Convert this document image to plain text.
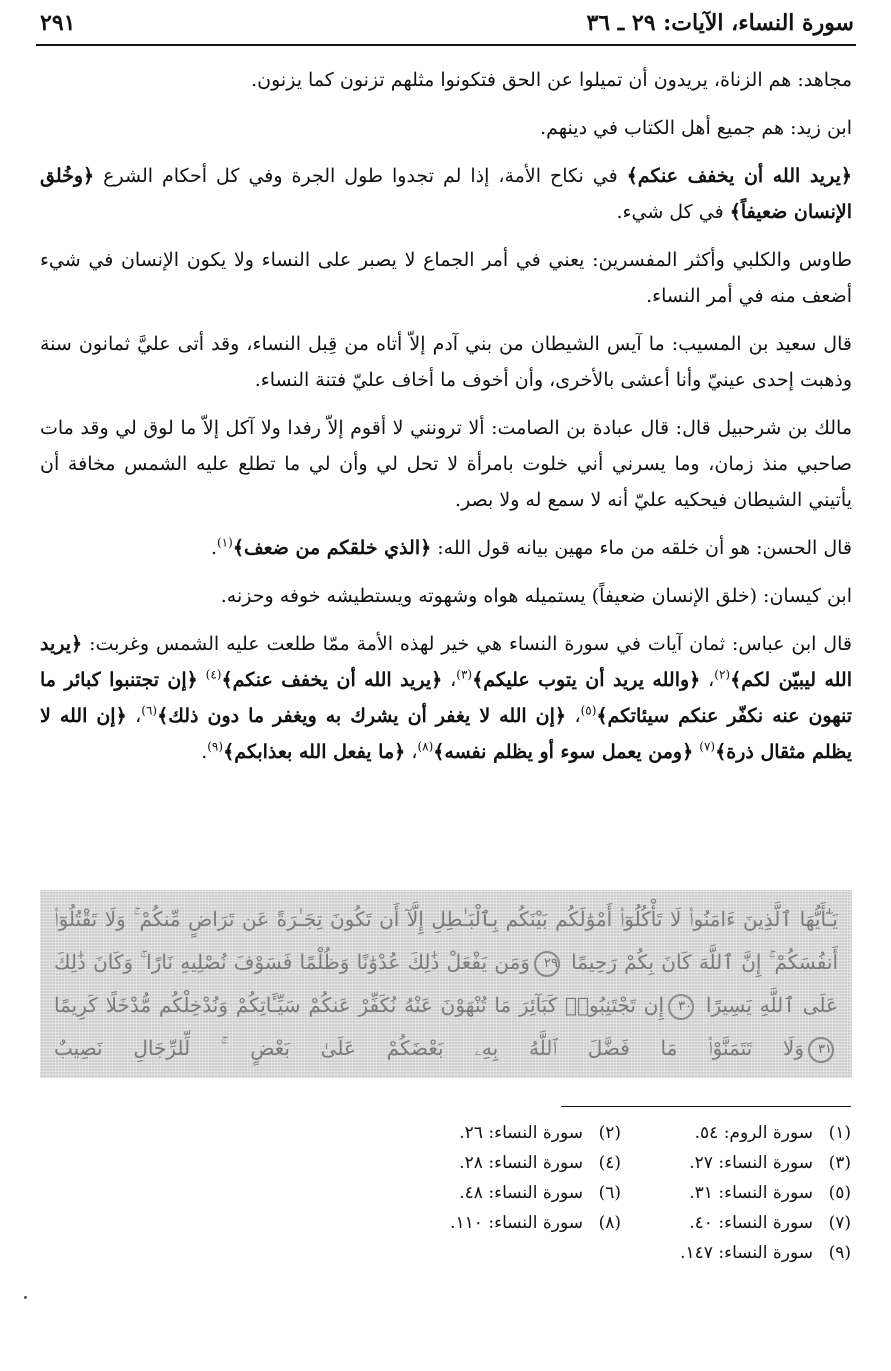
سورة النساء، الآيات: ٢٩ ـ ٣٦
٢٩١

مجاهد: هم الزناة، يريدون أن تميلوا عن الحق فتكونوا مثلهم تزنون كما يزنون.

ابن زيد: هم جميع أهل الكتاب في دينهم.

﴿يريد الله أن يخفف عنكم﴾ في نكاح الأمة، إذا لم تجدوا طول الجرة وفي كل أحكام الشرع ﴿وخُلق الإنسان ضعيفاً﴾ في كل شيء.

طاوس والكلبي وأكثر المفسرين: يعني في أمر الجماع لا يصبر على النساء ولا يكون الإنسان في شيء أضعف منه في أمر النساء.

قال سعيد بن المسيب: ما آيس الشيطان من بني آدم إلاّ أتاه من قِبل النساء، وقد أتى عليَّ ثمانون سنة وذهبت إحدى عينيّ وأنا أعشى بالأخرى، وأن أخوف ما أخاف عليّ فتنة النساء.

مالك بن شرحبيل قال: قال عبادة بن الصامت: ألا ترونني لا أقوم إلاّ رفدا ولا آكل إلاّ ما لوق لي وقد مات صاحبي منذ زمان، وما يسرني أني خلوت بامرأة لا تحل لي وأن لي ما تطلع عليه الشمس مخافة أن يأتيني الشيطان فيحكيه عليّ أنه لا سمع له ولا بصر.

قال الحسن: هو أن خلقه من ماء مهين بيانه قول الله: ﴿الذي خلقكم من ضعف﴾$^{(١)}$.

ابن كيسان: (خلق الإنسان ضعيفاً) يستميله هواه وشهوته ويستطيشه خوفه وحزنه.

قال ابن عباس: ثمان آيات في سورة النساء هي خير لهذه الأمة ممّا طلعت عليه الشمس وغربت: ﴿يريد الله ليبيّن لكم﴾$^{(٢)}$، ﴿والله يريد أن يتوب عليكم﴾$^{(٣)}$، ﴿يريد الله أن يخفف عنكم﴾$^{(٤)}$ ﴿إن تجتنبوا كبائر ما تنهون عنه نكفّر عنكم سيئاتكم﴾$^{(٥)}$، ﴿إن الله لا يغفر أن يشرك به ويغفر ما دون ذلك﴾$^{(٦)}$، ﴿إن الله لا يظلم مثقال ذرة﴾$^{(٧)}$ ﴿ومن يعمل سوء أو يظلم نفسه﴾$^{(٨)}$، ﴿ما يفعل الله بعذابكم﴾$^{(٩)}$.

يَـٰٓأَيُّهَا ٱلَّذِينَ ءَامَنُوا۟ لَا تَأْكُلُوٓا۟ أَمْوَٰلَكُم بَيْنَكُم بِٱلْبَـٰطِلِ إِلَّآ أَن تَكُونَ تِجَـٰرَةً عَن تَرَاضٍ مِّنكُمْ ۚ وَلَا تَقْتُلُوٓا۟ أَنفُسَكُمْ ۚ إِنَّ ٱللَّهَ كَانَ بِكُمْ رَحِيمًا ٢٩وَمَن يَفْعَلْ ذَٰلِكَ عُدْوَٰنًا وَظُلْمًا فَسَوْفَ نُصْلِيهِ نَارًا ۚ وَكَانَ ذَٰلِكَ عَلَى ٱللَّهِ يَسِيرًا ٣٠إِن تَجْتَنِبُوا۟ كَبَآئِرَ مَا تُنْهَوْنَ عَنْهُ نُكَفِّرْ عَنكُمْ سَيِّـَٔاتِكُمْ وَنُدْخِلْكُم مُّدْخَلًا كَرِيمًا ٣١وَلَا تَتَمَنَّوْا۟ مَا فَضَّلَ ٱللَّهُ بِهِۦ بَعْضَكُمْ عَلَىٰ بَعْضٍ ۚ لِّلرِّجَالِ نَصِيبٌ
(١)سورة الروم: ٥٤.
(٢)سورة النساء: ٢٦.
(٣)سورة النساء: ٢٧.
(٤)سورة النساء: ٢٨.
(٥)سورة النساء: ٣١.
(٦)سورة النساء: ٤٨.
(٧)سورة النساء: ٤٠.
(٨)سورة النساء: ١١٠.
(٩)سورة النساء: ١٤٧.
